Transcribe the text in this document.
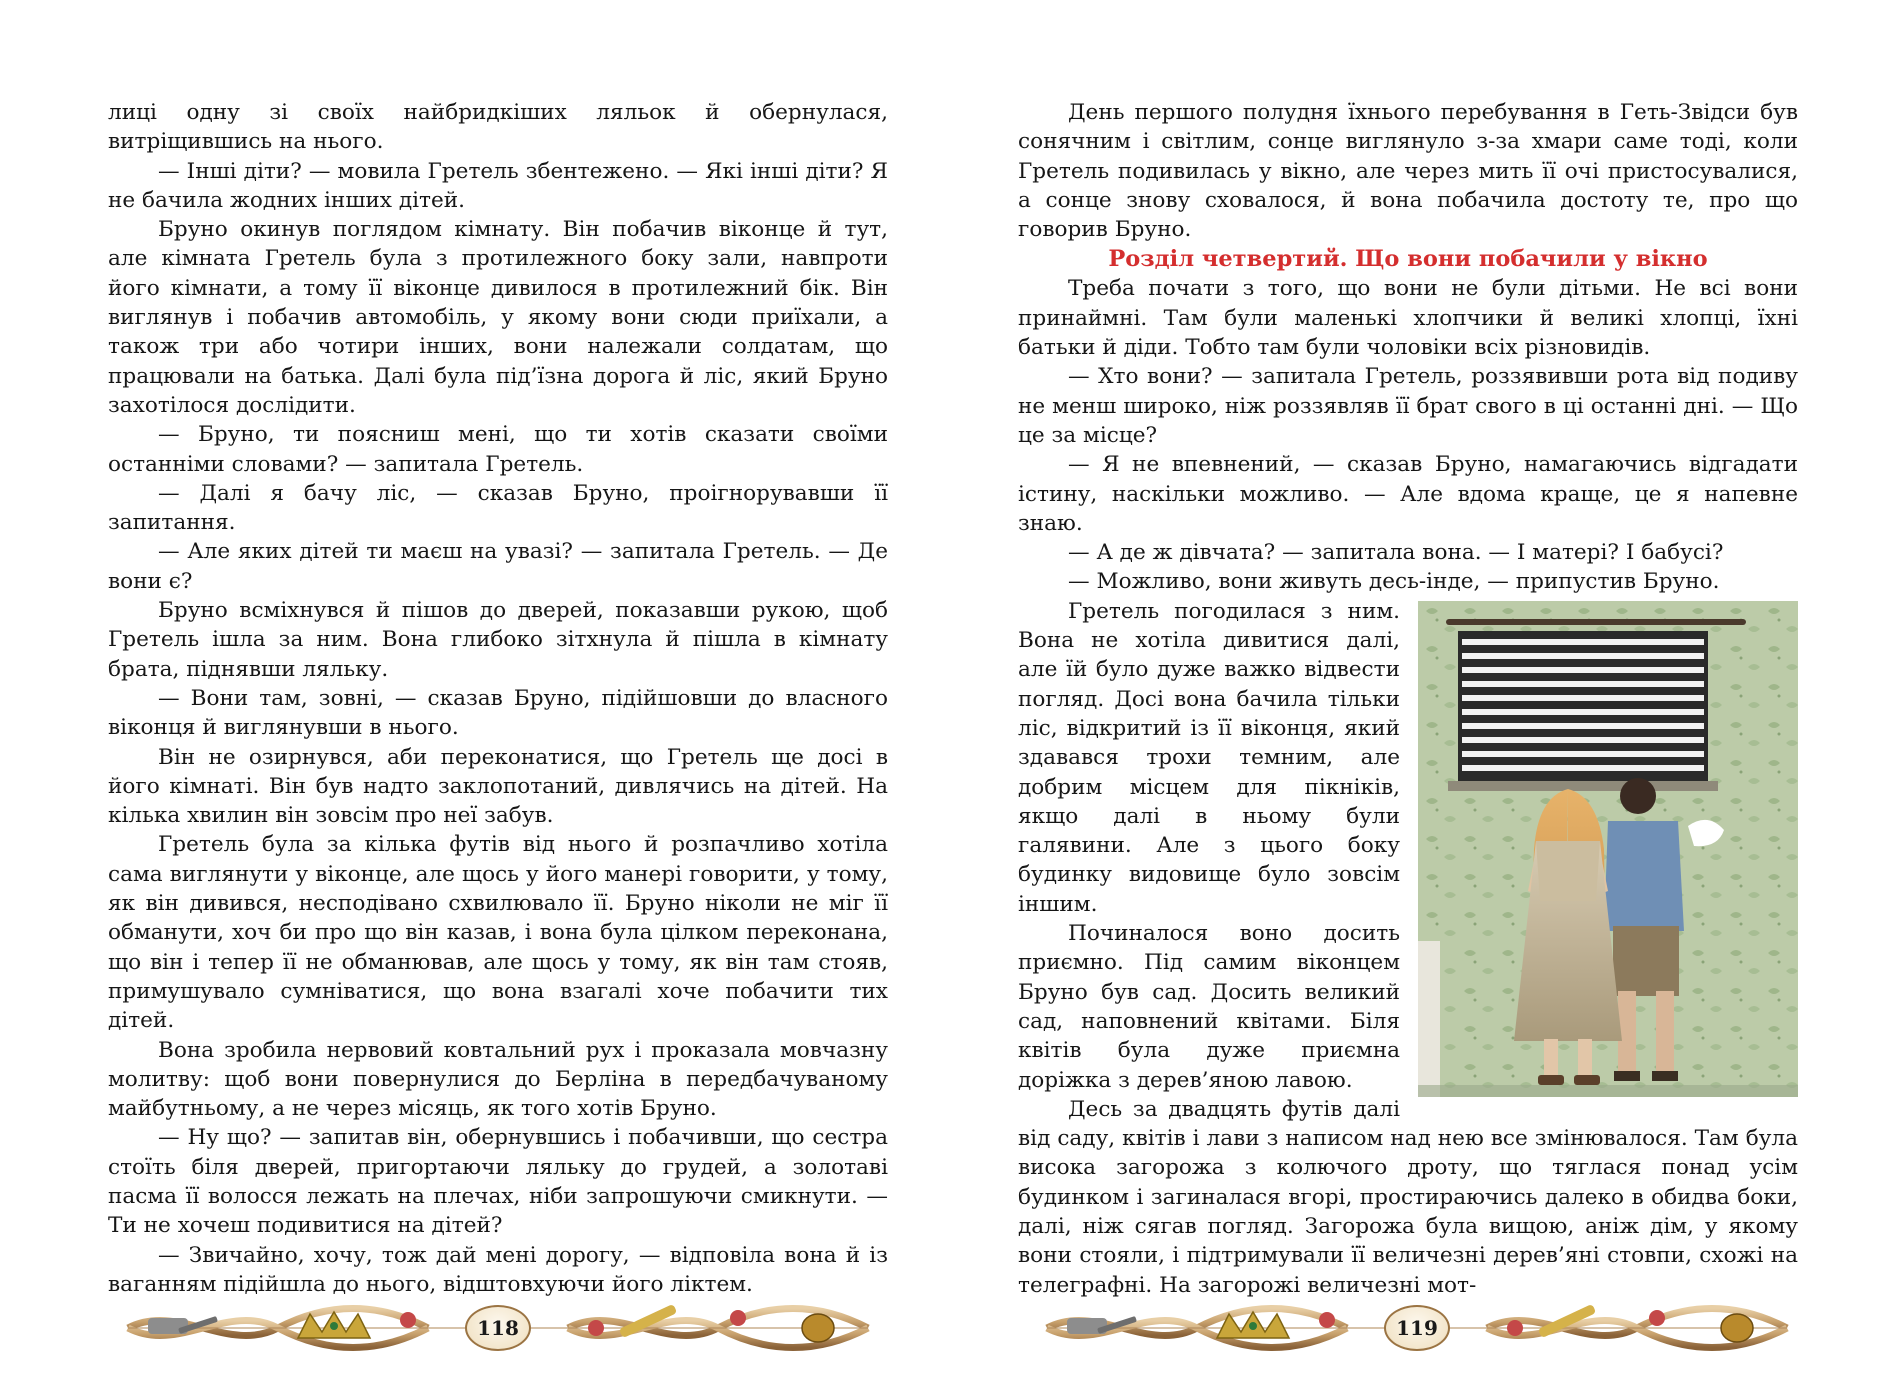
лиці одну зі своїх найбридкіших ляльок й обернулася, витріщившись на нього.

— Інші діти? — мовила Гретель збентежено. — Які інші діти? Я не бачила жодних інших дітей.

Бруно окинув поглядом кімнату. Він побачив віконце й тут, але кімната Гретель була з протилежного боку зали, навпроти його кімнати, а тому її віконце дивилося в протилежний бік. Він виглянув і побачив автомобіль, у якому вони сюди приїхали, а також три або чотири інших, вони належали солдатам, що працювали на батька. Далі була під’їзна дорога й ліс, який Бруно захотілося дослідити.

— Бруно, ти поясниш мені, що ти хотів сказати своїми останніми словами? — запитала Гретель.

— Далі я бачу ліс, — сказав Бруно, проігнорувавши її запитання.

— Але яких дітей ти маєш на увазі? — запитала Гретель. — Де вони є?

Бруно всміхнувся й пішов до дверей, показавши рукою, щоб Гретель ішла за ним. Вона глибоко зітхнула й пішла в кімнату брата, піднявши ляльку.

— Вони там, зовні, — сказав Бруно, підійшовши до власного віконця й виглянувши в нього.

Він не озирнувся, аби переконатися, що Гретель ще досі в його кімнаті. Він був надто заклопотаний, дивлячись на дітей. На кілька хвилин він зовсім про неї забув.

Гретель була за кілька футів від нього й розпачливо хотіла сама виглянути у віконце, але щось у його манері говорити, у тому, як він дивився, несподівано схвилювало її. Бруно ніколи не міг її обманути, хоч би про що він казав, і вона була цілком переконана, що він і тепер її не обманював, але щось у тому, як він там стояв, примушувало сумніватися, що вона взагалі хоче побачити тих дітей.

Вона зробила нервовий ковтальний рух і проказала мовчазну молитву: щоб вони повернулися до Берліна в передбачуваному майбутньому, а не через місяць, як того хотів Бруно.

— Ну що? — запитав він, обернувшись і побачивши, що сестра стоїть біля дверей, пригортаючи ляльку до грудей, а золотаві пасма її волосся лежать на плечах, ніби запрошуючи смикнути. — Ти не хочеш подивитися на дітей?

— Звичайно, хочу, тож дай мені дорогу, — відповіла вона й із ваганням підійшла до нього, відштовхуючи його ліктем.

118

День першого полудня їхнього перебування в Геть-Звідси був сонячним і світлим, сонце виглянуло з-за хмари саме тоді, коли Гретель подивилась у вікно, але через мить її очі пристосувалися, а сонце знову сховалося, й вона побачила достоту те, про що говорив Бруно.

Розділ четвертий. Що вони побачили у вікно

Треба почати з того, що вони не були дітьми. Не всі вони принаймні. Там були маленькі хлопчики й великі хлопці, їхні батьки й діди. Тобто там були чоловіки всіх різновидів.

— Хто вони? — запитала Гретель, роззявивши рота від подиву не менш широко, ніж роззявляв її брат свого в ці останні дні. — Що це за місце?

— Я не впевнений, — сказав Бруно, намагаючись відгадати істину, наскільки можливо. — Але вдома краще, це я напевне знаю.

— А де ж дівчата? — запитала вона. — І матері? І бабусі?

— Можливо, вони живуть десь-інде, — припустив Бруно.

Гретель погодилася з ним. Вона не хотіла дивитися далі, але їй було дуже важко відвести погляд. Досі вона бачила тільки ліс, відкритий із її віконця, який здавався трохи темним, але добрим місцем для пікніків, якщо далі в ньому були галявини. Але з цього боку будинку видовище було зовсім іншим.

Починалося воно досить приємно. Під самим віконцем Бруно був сад. Досить великий сад, наповнений квітами. Біля квітів була дуже приємна доріжка з дерев’яною лавою.

Десь за двадцять футів далі від саду, квітів і лави з написом над нею все змінювалося. Там була висока загорожа з колючого дроту, що тяглася понад усім будинком і загиналася вгорі, простираючись далеко в обидва боки, далі, ніж сягав погляд. Загорожа була вищою, аніж дім, у якому вони стояли, і підтримували її величезні дерев’яні стовпи, схожі на телеграфні. На загорожі величезні мот-

119
